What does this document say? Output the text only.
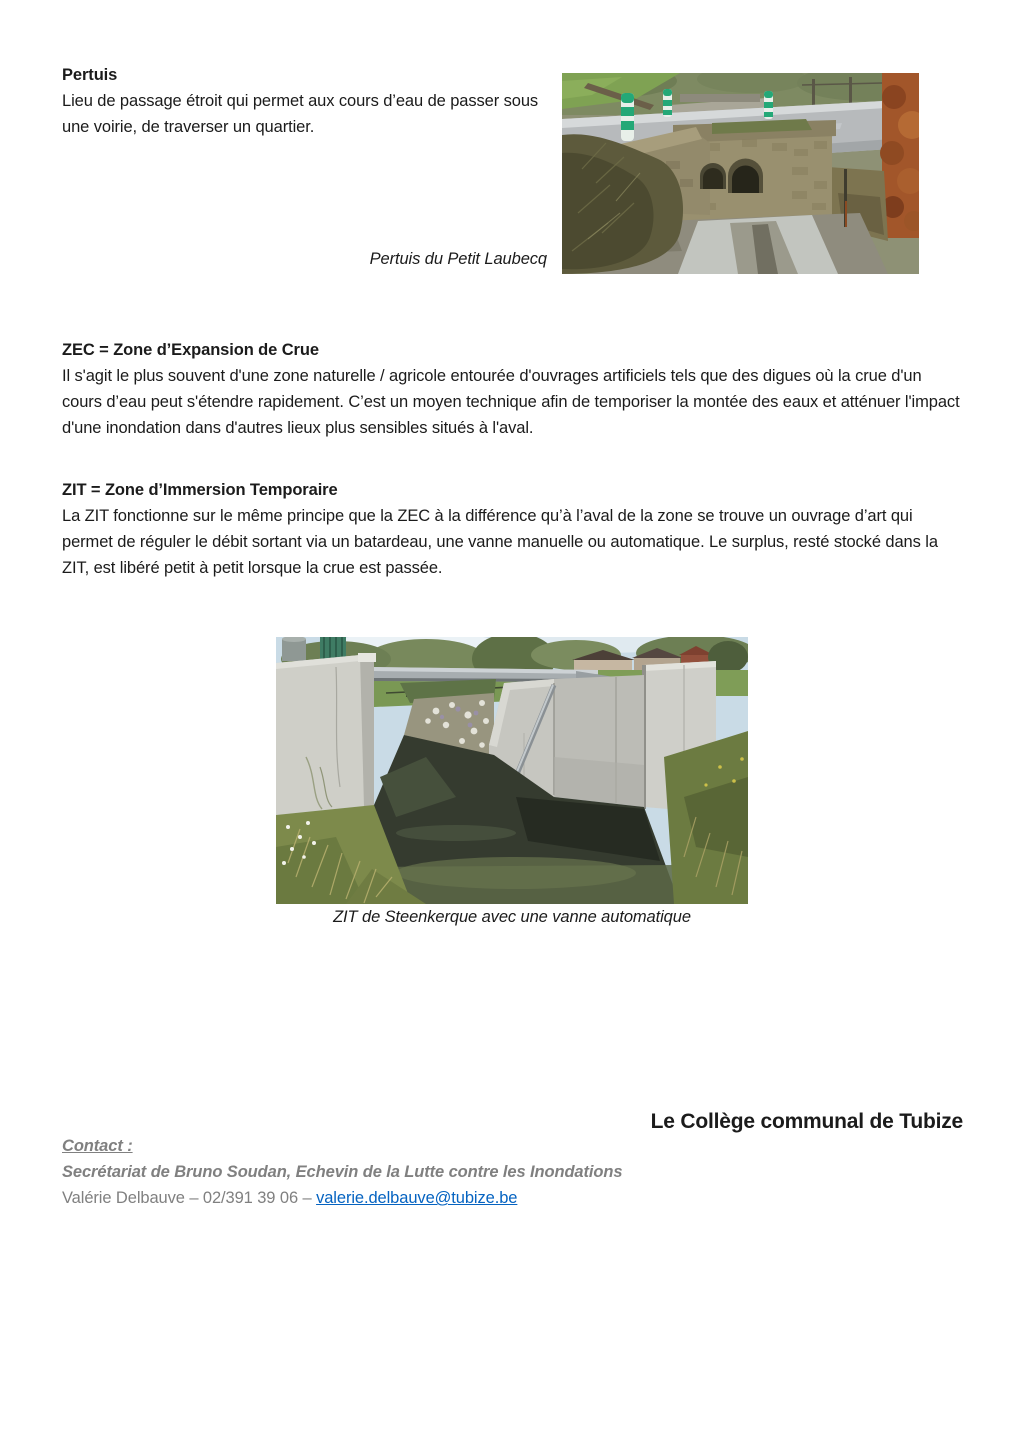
Pertuis

Lieu de passage étroit qui permet aux cours d’eau de passer sous une voirie, de traverser un quartier.

Pertuis du Petit Laubecq
ZEC = Zone d’Expansion de Crue

Il s'agit le plus souvent d'une zone naturelle / agricole entourée d'ouvrages artificiels tels que des digues où la crue d'un cours d’eau peut s'étendre rapidement. C’est un moyen technique afin de temporiser la montée des eaux et atténuer l'impact d'une inondation dans d'autres lieux plus sensibles situés à l'aval.

ZIT = Zone d’Immersion Temporaire

La ZIT fonctionne sur le même principe que la ZEC à la différence qu’à l’aval de la zone se trouve un ouvrage d’art qui permet de réguler le débit sortant via un batardeau, une vanne manuelle ou automatique. Le surplus, resté stocké dans la ZIT, est libéré petit à petit lorsque la crue est passée.

ZIT de Steenkerque avec une vanne automatique
Le Collège communal de Tubize
Contact :
Secrétariat de Bruno Soudan, Echevin de la Lutte contre les Inondations
Valérie Delbauve – 02/391 39 06 – valerie.delbauve@tubize.be
